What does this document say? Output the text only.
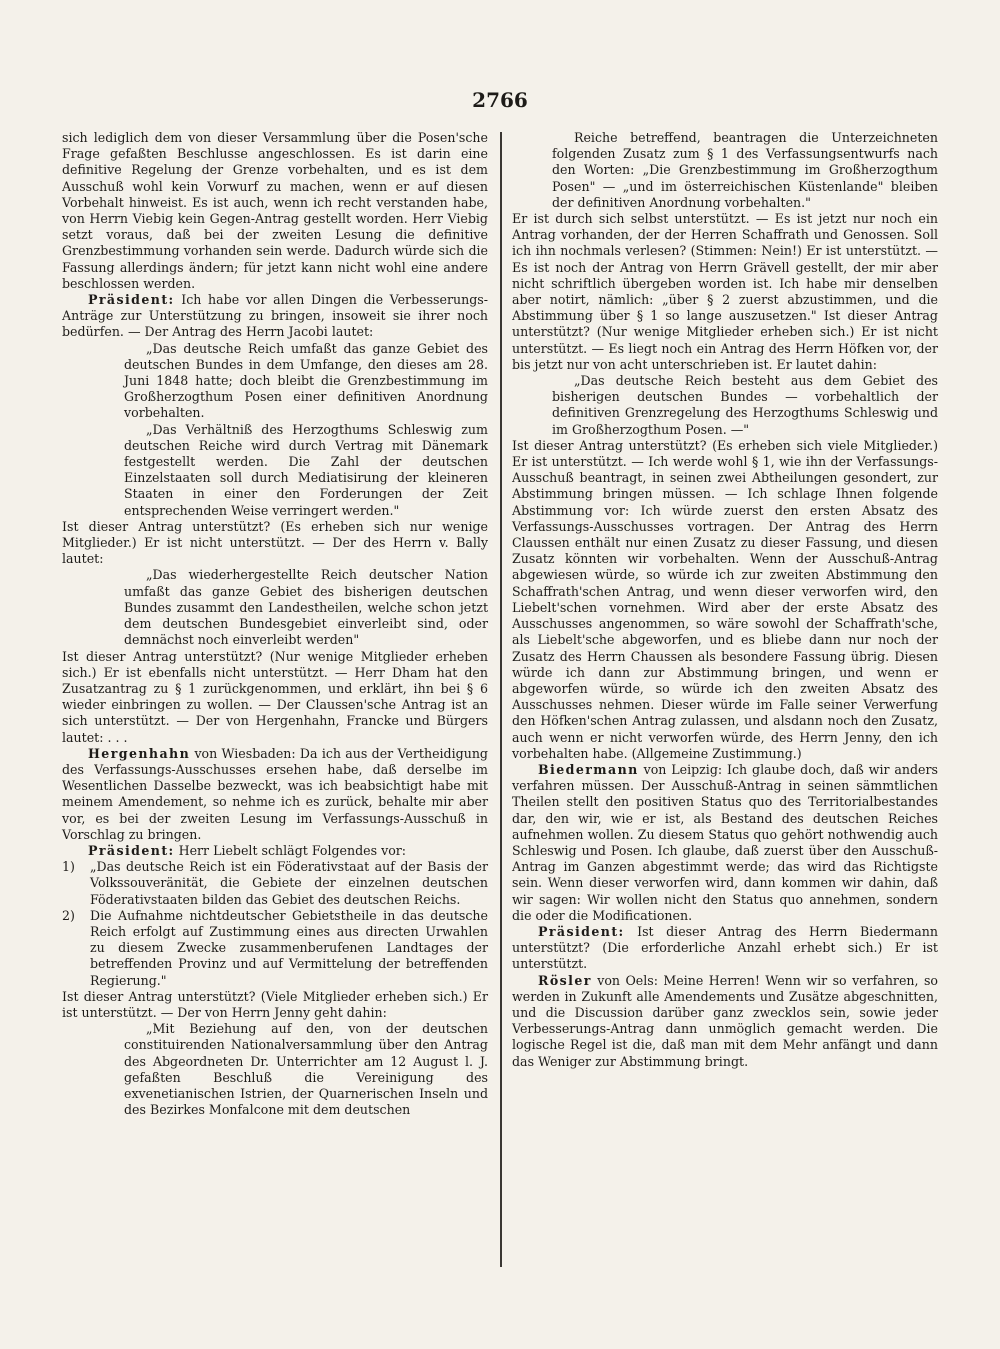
2766

sich lediglich dem von dieser Versammlung über die Posen'sche Frage gefaßten Beschlusse angeschlossen. Es ist darin eine definitive Regelung der Grenze vorbehalten, und es ist dem Ausschuß wohl kein Vorwurf zu machen, wenn er auf diesen Vorbehalt hinweist. Es ist auch, wenn ich recht verstanden habe, von Herrn Viebig kein Gegen-Antrag gestellt worden. Herr Viebig setzt voraus, daß bei der zweiten Lesung die definitive Grenzbestimmung vorhanden sein werde. Dadurch würde sich die Fassung allerdings ändern; für jetzt kann nicht wohl eine andere beschlossen werden.

Präsident: Ich habe vor allen Dingen die Verbesserungs-Anträge zur Unterstützung zu bringen, insoweit sie ihrer noch bedürfen. — Der Antrag des Herrn Jacobi lautet:

„Das deutsche Reich umfaßt das ganze Gebiet des deutschen Bundes in dem Umfange, den dieses am 28. Juni 1848 hatte; doch bleibt die Grenzbestimmung im Großherzogthum Posen einer definitiven Anordnung vorbehalten.

„Das Verhältniß des Herzogthums Schleswig zum deutschen Reiche wird durch Vertrag mit Dänemark festgestellt werden. Die Zahl der deutschen Einzelstaaten soll durch Mediatisirung der kleineren Staaten in einer den Forderungen der Zeit entsprechenden Weise verringert werden."

Ist dieser Antrag unterstützt? (Es erheben sich nur wenige Mitglieder.) Er ist nicht unterstützt. — Der des Herrn v. Bally lautet:

„Das wiederhergestellte Reich deutscher Nation umfaßt das ganze Gebiet des bisherigen deutschen Bundes zusammt den Landestheilen, welche schon jetzt dem deutschen Bundesgebiet einverleibt sind, oder demnächst noch einverleibt werden"

Ist dieser Antrag unterstützt? (Nur wenige Mitglieder erheben sich.) Er ist ebenfalls nicht unterstützt. — Herr Dham hat den Zusatzantrag zu § 1 zurückgenommen, und erklärt, ihn bei § 6 wieder einbringen zu wollen. — Der Claussen'sche Antrag ist an sich unterstützt. — Der von Hergenhahn, Francke und Bürgers lautet: . . .

Hergenhahn von Wiesbaden: Da ich aus der Vertheidigung des Verfassungs-Ausschusses ersehen habe, daß derselbe im Wesentlichen Dasselbe bezweckt, was ich beabsichtigt habe mit meinem Amendement, so nehme ich es zurück, behalte mir aber vor, es bei der zweiten Lesung im Verfassungs-Ausschuß in Vorschlag zu bringen.

Präsident: Herr Liebelt schlägt Folgendes vor:

1)	„Das deutsche Reich ist ein Föderativstaat auf der Basis der Volkssouveränität, die Gebiete der einzelnen deutschen Föderativstaaten bilden das Gebiet des deutschen Reichs.
2)	Die Aufnahme nichtdeutscher Gebietstheile in das deutsche Reich erfolgt auf Zustimmung eines aus directen Urwahlen zu diesem Zwecke zusammenberufenen Landtages der betreffenden Provinz und auf Vermittelung der betreffenden Regierung."

Ist dieser Antrag unterstützt? (Viele Mitglieder erheben sich.) Er ist unterstützt. — Der von Herrn Jenny geht dahin:

„Mit Beziehung auf den, von der deutschen constituirenden Nationalversammlung über den Antrag des Abgeordneten Dr. Unterrichter am 12 August l. J. gefaßten Beschluß die Vereinigung des exvenetianischen Istrien, der Quarnerischen Inseln und des Bezirkes Monfalcone mit dem deutschen

Reiche betreffend, beantragen die Unterzeichneten folgenden Zusatz zum § 1 des Verfassungsentwurfs nach den Worten: „Die Grenzbestimmung im Großherzogthum Posen" — „und im österreichischen Küstenlande" bleiben der definitiven Anordnung vorbehalten."

Er ist durch sich selbst unterstützt. — Es ist jetzt nur noch ein Antrag vorhanden, der der Herren Schaffrath und Genossen. Soll ich ihn nochmals verlesen? (Stimmen: Nein!) Er ist unterstützt. — Es ist noch der Antrag von Herrn Grävell gestellt, der mir aber nicht schriftlich übergeben worden ist. Ich habe mir denselben aber notirt, nämlich: „über § 2 zuerst abzustimmen, und die Abstimmung über § 1 so lange auszusetzen." Ist dieser Antrag unterstützt? (Nur wenige Mitglieder erheben sich.) Er ist nicht unterstützt. — Es liegt noch ein Antrag des Herrn Höfken vor, der bis jetzt nur von acht unterschrieben ist. Er lautet dahin:

„Das deutsche Reich besteht aus dem Gebiet des bisherigen deutschen Bundes — vorbehaltlich der definitiven Grenzregelung des Herzogthums Schleswig und im Großherzogthum Posen. —"

Ist dieser Antrag unterstützt? (Es erheben sich viele Mitglieder.) Er ist unterstützt. — Ich werde wohl § 1, wie ihn der Verfassungs-Ausschuß beantragt, in seinen zwei Abtheilungen gesondert, zur Abstimmung bringen müssen. — Ich schlage Ihnen folgende Abstimmung vor: Ich würde zuerst den ersten Absatz des Verfassungs-Ausschusses vortragen. Der Antrag des Herrn Claussen enthält nur einen Zusatz zu dieser Fassung, und diesen Zusatz könnten wir vorbehalten. Wenn der Ausschuß-Antrag abgewiesen würde, so würde ich zur zweiten Abstimmung den Schaffrath'schen Antrag, und wenn dieser verworfen wird, den Liebelt'schen vornehmen. Wird aber der erste Absatz des Ausschusses angenommen, so wäre sowohl der Schaffrath'sche, als Liebelt'sche abgeworfen, und es bliebe dann nur noch der Zusatz des Herrn Chaussen als besondere Fassung übrig. Diesen würde ich dann zur Abstimmung bringen, und wenn er abgeworfen würde, so würde ich den zweiten Absatz des Ausschusses nehmen. Dieser würde im Falle seiner Verwerfung den Höfken'schen Antrag zulassen, und alsdann noch den Zusatz, auch wenn er nicht verworfen würde, des Herrn Jenny, den ich vorbehalten habe. (Allgemeine Zustimmung.)

Biedermann von Leipzig: Ich glaube doch, daß wir anders verfahren müssen. Der Ausschuß-Antrag in seinen sämmtlichen Theilen stellt den positiven Status quo des Territorialbestandes dar, den wir, wie er ist, als Bestand des deutschen Reiches aufnehmen wollen. Zu diesem Status quo gehört nothwendig auch Schleswig und Posen. Ich glaube, daß zuerst über den Ausschuß-Antrag im Ganzen abgestimmt werde; das wird das Richtigste sein. Wenn dieser verworfen wird, dann kommen wir dahin, daß wir sagen: Wir wollen nicht den Status quo annehmen, sondern die oder die Modificationen.

Präsident: Ist dieser Antrag des Herrn Biedermann unterstützt? (Die erforderliche Anzahl erhebt sich.) Er ist unterstützt.

Rösler von Oels: Meine Herren! Wenn wir so verfahren, so werden in Zukunft alle Amendements und Zusätze abgeschnitten, und die Discussion darüber ganz zwecklos sein, sowie jeder Verbesserungs-Antrag dann unmöglich gemacht werden. Die logische Regel ist die, daß man mit dem Mehr anfängt und dann das Weniger zur Abstimmung bringt.
